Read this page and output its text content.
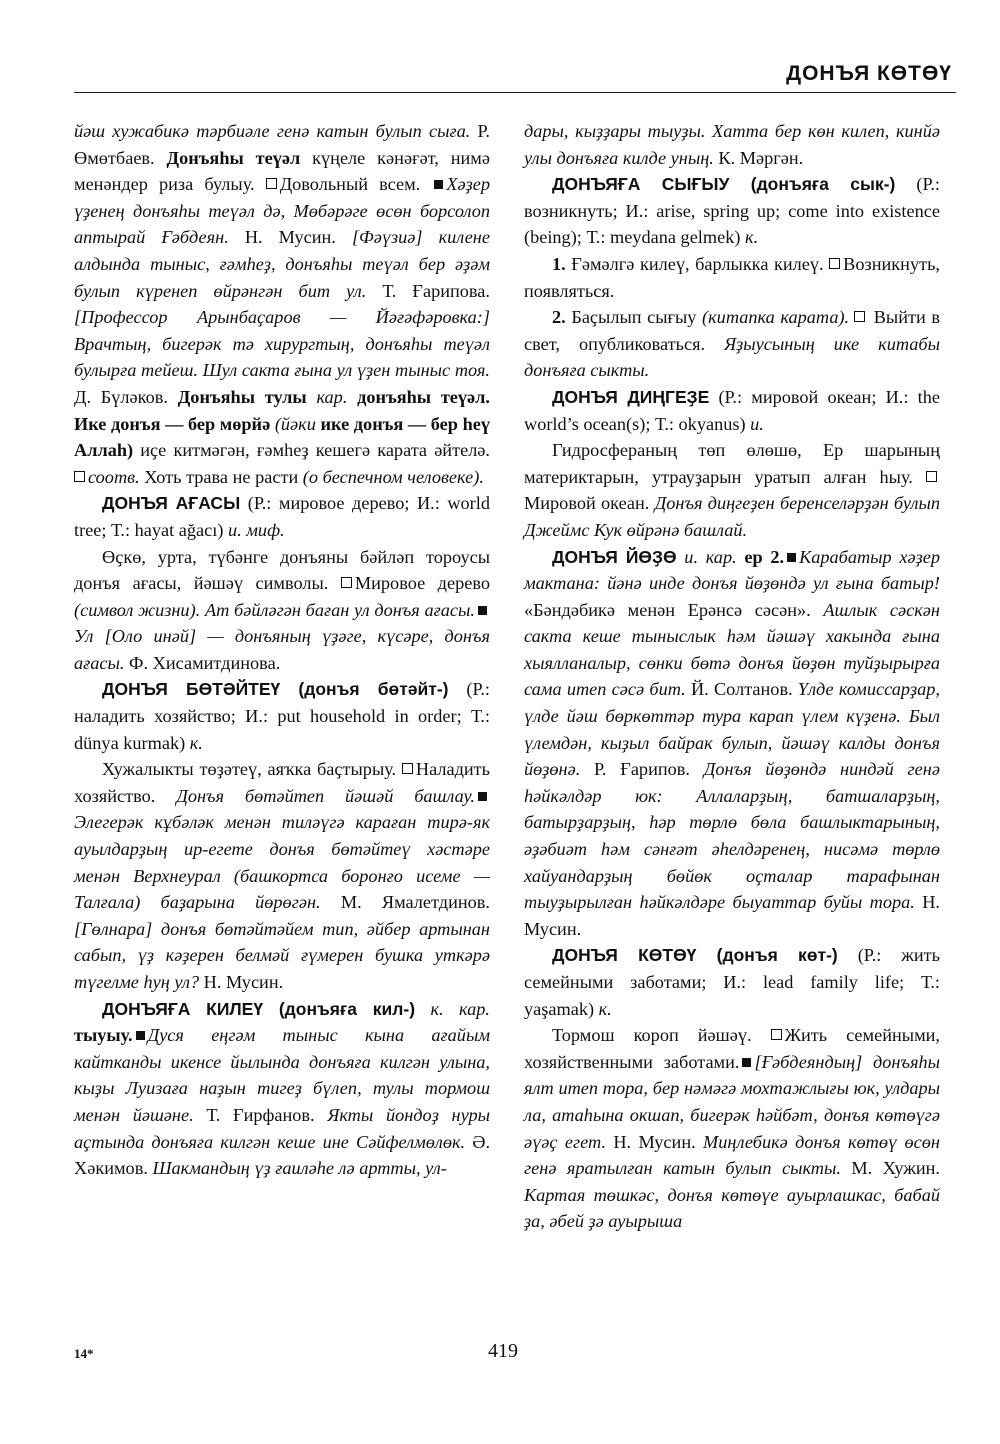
ДОНЪЯ КӨТӨҮ

йәш хужабикә тәрбиәле генә катын булып сыға. Р. Өмөтбаев. Донъяһы теүәл күңеле кәнәғәт, нимә менәндер риза булыу. Довольный всем. Хәҙер үҙенең донъяһы теүәл дә, Мөбәрәге өсөн борсолоп аптырай Ғәбдеян. Н. Мусин. [Фәүзиә] килене алдында тыныс, ғәмһеҙ, донъяһы теүәл бер әҙәм булып күренеп өйрәнгән бит ул. Т. Ғарипова. [Профессор Арынбаҫаров — Йәғәфәровка:] Врачтың, бигерәк тә хирургтың, донъяһы теүәл булырға тейеш. Шул сакта ғына ул үҙен тыныс тоя. Д. Бүләков. Донъяһы тулы кар. донъяһы теүәл. Ике донъя — бер мөрйә (йәки ике донъя — бер һеү Аллаһ) иҫе китмәгән, ғәмһеҙ кешегә карата әйтелә. соотв. Хоть трава не расти (о беспечном человеке).

ДОНЪЯ АҒАСЫ (Р.: мировое дерево; И.: world tree; Т.: hayat ağacı) и. миф.

Өҫкө, урта, түбәнге донъяны бәйләп тороусы донъя ағасы, йәшәү символы. Мировое дерево (символ жизни). Ат бәйләгән баған ул донъя ағасы.Ул [Оло инәй] — донъяның үҙәге, күсәре, донъя ағасы. Ф. Хисамитдинова.

ДОНЪЯ БӨТӘЙТЕҮ (донъя бөтәйт-) (Р.: наладить хозяйство; И.: put household in order; Т.: dünya kurmak) к.

Хужалыкты төҙәтеү, аяҡка баҫтырыу. Наладить хозяйство. Донъя бөтәйтеп йәшәй башлау.Элегерәк кұбәләк менән тиләүгә караған тирә-як ауылдарҙың ир-егете донъя бөтәйтеү хәстәре менән Верхнеурал (башкортса боронғо исеме — Талғала) баҙарына йөрөгән. М. Ямалетдинов. [Гөлнара] донъя бөтәйтәйем тип, әйбер артынан сабып, үҙ кәҙерен белмәй ғүмерен бушка уткәрә түгелме һуң ул? Н. Мусин.

ДОНЪЯҒА КИЛЕҮ (донъяға кил-) к. кар. тыуыу. Дуся еңгәм тыныс кына ағайым кайтканды икенсе йылында донъяға килгән улына, кыҙы Луизаға наҙын тигеҙ бүлеп, тулы тормош менән йәшәне. Т. Ғирфанов. Якты йондоҙ нуры аҫтында донъяға килгән кеше ине Сәйфелмөлөк. Ә. Хәкимов. Шакмандың үҙ ғаиләһе лә артты, ул-

дары, кыҙҙары тыуҙы. Хатта бер көн килеп, кинйә улы донъяға килде уның. К. Мәргән.

ДОНЪЯҒА СЫҒЫУ (донъяға сык-) (Р.: возникнуть; И.: arise, spring up; come into existence (being); Т.: meydana gelmek) к.

1. Ғәмәлгә килеү, барлыкка килеү. Возникнуть, появляться.

2. Баҫылып сығыу (китапка карата). Выйти в свет, опубликоваться. Яҙыусының ике китабы донъяға сыкты.

ДОНЪЯ ДИҢГЕҘЕ (Р.: мировой океан; И.: the world’s ocean(s); Т.: okyanus) и.

Гидросфераның төп өлөшө, Ер шарының материктарын, утрауҙарын уратып алған һыу. Мировой океан. Донъя диңгеҙен беренселәрҙән булып Джеймс Кук өйрәнә башлай.

ДОНЪЯ ЙӨҘӨ и. кар. ер 2. Карабатыр хәҙер мактана: йәнә инде донъя йөҙөндә ул ғына батыр! «Бәндәбикә менән Ерәнсә сәсән». Ашлык сәскән сакта кеше тыныслык һәм йәшәү хакында ғына хыялланалыр, сөнки бөтә донъя йөҙөн туйҙырырға сама итеп сәсә бит. Й. Солтанов. Үлде комиссарҙар, үлде йәш бөркөттәр тура карап үлем күҙенә. Был үлемдән, кыҙыл байрак булып, йәшәү калды донъя йөҙөнә. Р. Ғарипов. Донъя йөҙөндә ниндәй генә һәйкәлдәр юк: Аллаларҙың, батшаларҙың, батырҙарҙың, һәр төрлө бөла башлыктарының, әҙәбиәт һәм сәнғәт әһелдәренең, нисәмә төрлө хайуандарҙың бөйөк оҫталар тарафынан тыуҙырылған һәйкәлдәре быуаттар буйы тора. Н. Мусин.

ДОНЪЯ КӨТӨҮ (донъя көт-) (Р.: жить семейными заботами; И.: lead family life; Т.: yaşamak) к.

Тормош короп йәшәү. Жить семейными, хозяйственными заботами. [Ғәбдеяндың] донъяһы ялт итеп тора, бер нәмәгә мохтажлығы юк, улдары ла, атаһына окшап, бигерәк һәйбәт, донъя көтөүгә әүәҫ егет. Н. Мусин. Миңлебикә донъя көтөү өсөн генә яратылған катын булып сыкты. М. Хужин. Картая төшкәс, донъя көтөүе ауырлашкас, бабай ҙа, әбей ҙә ауырыша

14*	419
